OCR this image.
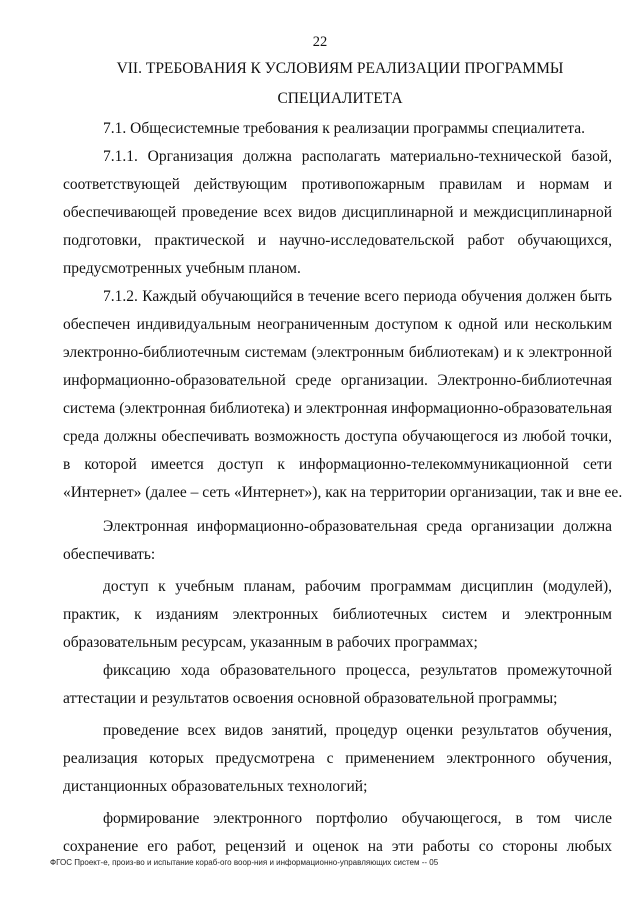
22
VII. ТРЕБОВАНИЯ К УСЛОВИЯМ РЕАЛИЗАЦИИ ПРОГРАММЫ
СПЕЦИАЛИТЕТА
7.1. Общесистемные требования к реализации программы специалитета.
7.1.1. Организация должна располагать материально-технической базой,
соответствующей действующим противопожарным правилам и нормам и
обеспечивающей проведение всех видов дисциплинарной и междисциплинарной
подготовки, практической и научно-исследовательской работ обучающихся,
предусмотренных учебным планом.
7.1.2. Каждый обучающийся в течение всего периода обучения должен быть
обеспечен индивидуальным неограниченным доступом к одной или нескольким
электронно-библиотечным системам (электронным библиотекам) и к электронной
информационно-образовательной среде организации. Электронно-библиотечная
система (электронная библиотека) и электронная информационно-образовательная
среда должны обеспечивать возможность доступа обучающегося из любой точки,
в которой имеется доступ к информационно-телекоммуникационной сети
«Интернет» (далее – сеть «Интернет»), как на территории организации, так и вне ее.
Электронная информационно-образовательная среда организации должна
обеспечивать:
доступ к учебным планам, рабочим программам дисциплин (модулей),
практик, к изданиям электронных библиотечных систем и электронным
образовательным ресурсам, указанным в рабочих программах;
фиксацию хода образовательного процесса, результатов промежуточной
аттестации и результатов освоения основной образовательной программы;
проведение всех видов занятий, процедур оценки результатов обучения,
реализация которых предусмотрена с применением электронного обучения,
дистанционных образовательных технологий;
формирование электронного портфолио обучающегося, в том числе
сохранение его работ, рецензий и оценок на эти работы со стороны любых
ФГОС Проект-е, произ-во и испытание кораб-ого воор-ния и информационно-управляющих систем -- 05
